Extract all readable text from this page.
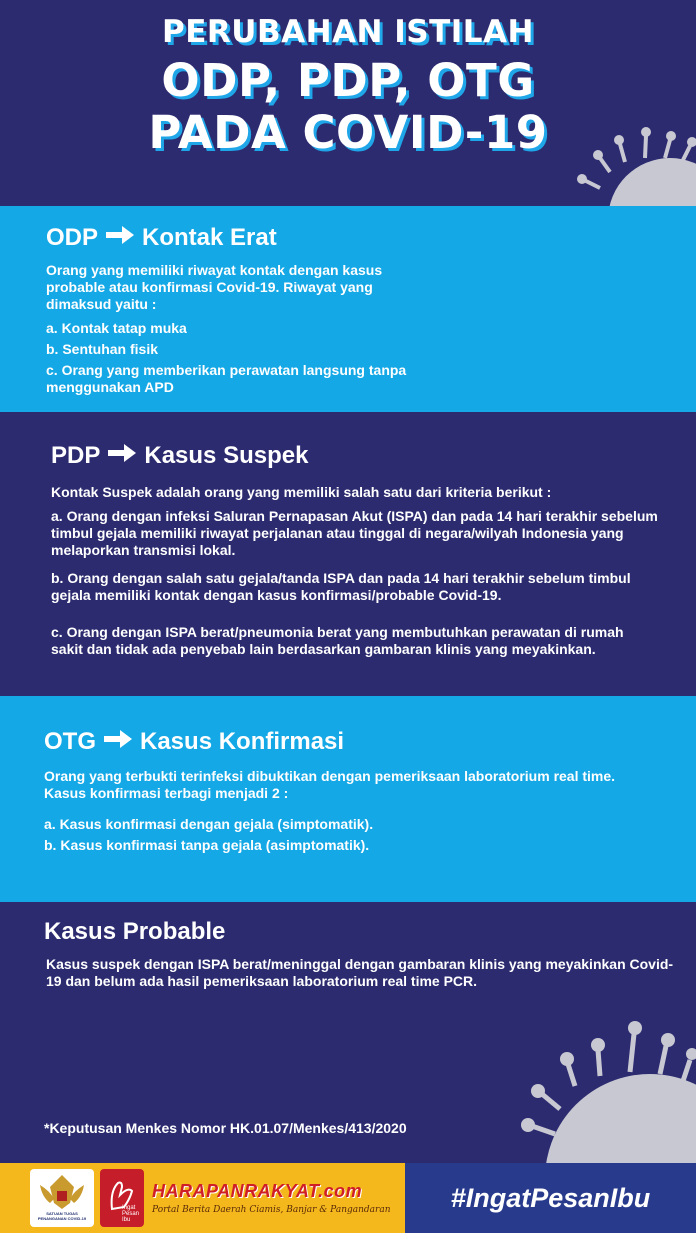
PERUBAHAN ISTILAH
ODP, PDP, OTG
PADA COVID-19
ODP Kontak Erat
Orang yang memiliki riwayat kontak dengan kasus probable atau konfirmasi Covid-19. Riwayat yang dimaksud yaitu :
a. Kontak tatap muka
b. Sentuhan fisik
c. Orang yang memberikan perawatan langsung tanpa menggunakan APD
PDP Kasus Suspek
Kontak Suspek adalah orang yang memiliki salah satu dari kriteria berikut :
a. Orang dengan infeksi Saluran Pernapasan Akut (ISPA) dan pada 14 hari terakhir sebelum timbul gejala memiliki riwayat perjalanan atau tinggal di negara/wilyah Indonesia yang melaporkan transmisi lokal.
b. Orang dengan salah satu gejala/tanda ISPA dan pada 14 hari terakhir sebelum timbul gejala memiliki kontak dengan kasus konfirmasi/probable Covid-19.
c. Orang dengan ISPA berat/pneumonia berat yang membutuhkan perawatan di rumah sakit dan tidak ada penyebab lain berdasarkan gambaran klinis yang meyakinkan.
OTG Kasus Konfirmasi
Orang yang terbukti terinfeksi dibuktikan dengan pemeriksaan laboratorium real time. Kasus konfirmasi terbagi menjadi 2 :
a. Kasus konfirmasi dengan gejala (simptomatik).
b. Kasus konfirmasi tanpa gejala (asimptomatik).
Kasus Probable
Kasus suspek dengan ISPA berat/meninggal dengan gambaran klinis yang meyakinkan Covid-19 dan belum ada hasil pemeriksaan laboratorium real time PCR.
*Keputusan Menkes Nomor HK.01.07/Menkes/413/2020
SATUAN TUGAS PENANGANAN COVID-19
Ingat Pesan Ibu
HARAPANRAKYAT.com
Portal Berita Daerah Ciamis, Banjar & Pangandaran	#IngatPesanIbu
